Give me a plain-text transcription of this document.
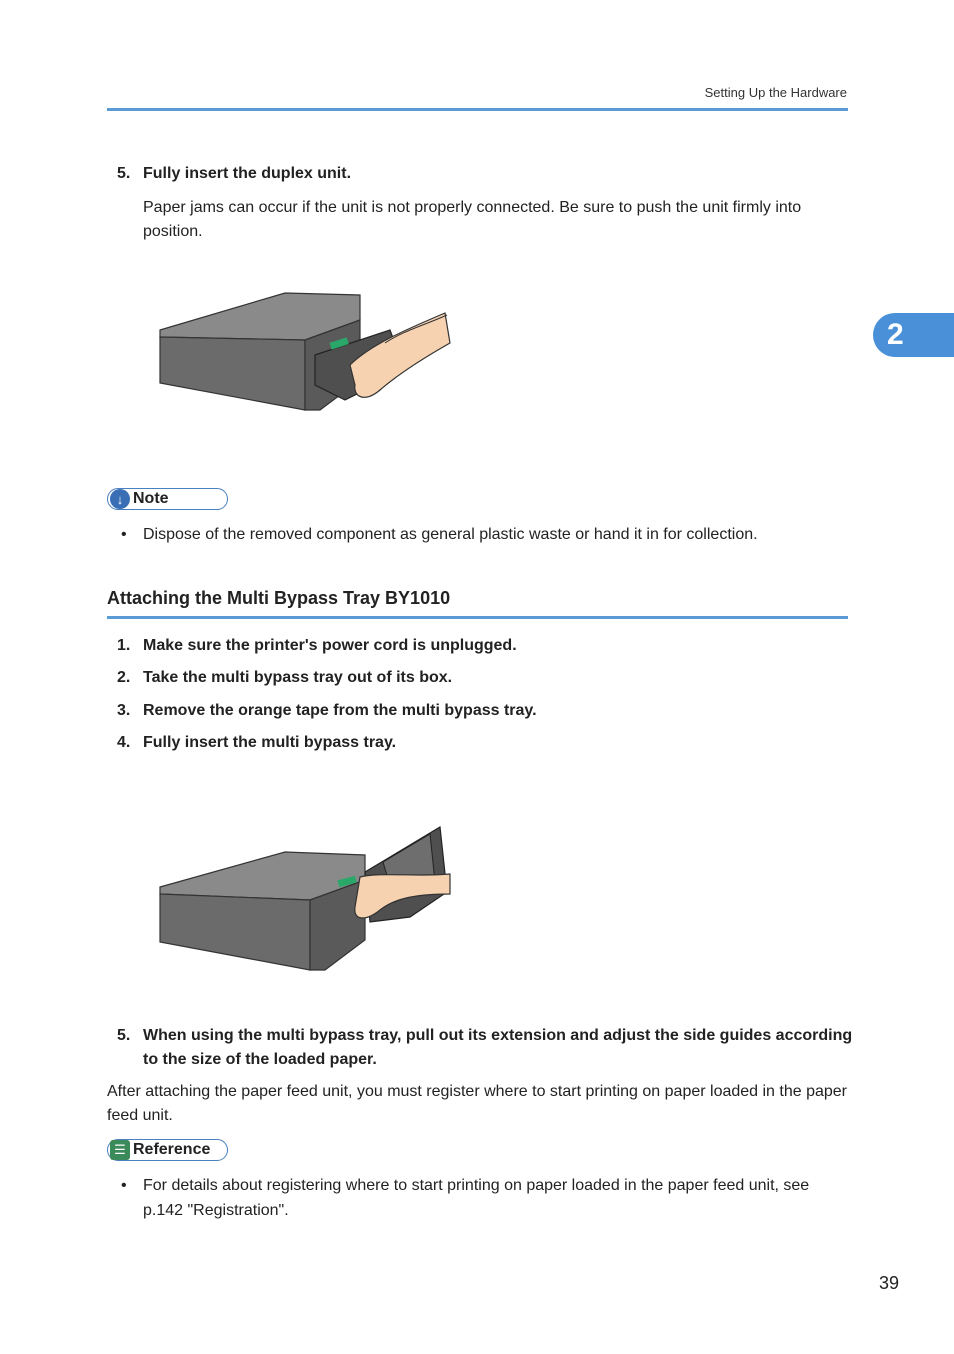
Setting Up the Hardware
2
5. Fully insert the duplex unit.
Paper jams can occur if the unit is not properly connected. Be sure to push the unit firmly into position.
↓ Note
• Dispose of the removed component as general plastic waste or hand it in for collection.
Attaching the Multi Bypass Tray BY1010
1. Make sure the printer's power cord is unplugged.
2. Take the multi bypass tray out of its box.
3. Remove the orange tape from the multi bypass tray.
4. Fully insert the multi bypass tray.
5. When using the multi bypass tray, pull out its extension and adjust the side guides according to the size of the loaded paper.
After attaching the paper feed unit, you must register where to start printing on paper loaded in the paper feed unit.
☰ Reference
• For details about registering where to start printing on paper loaded in the paper feed unit, see p.142 "Registration".
39
